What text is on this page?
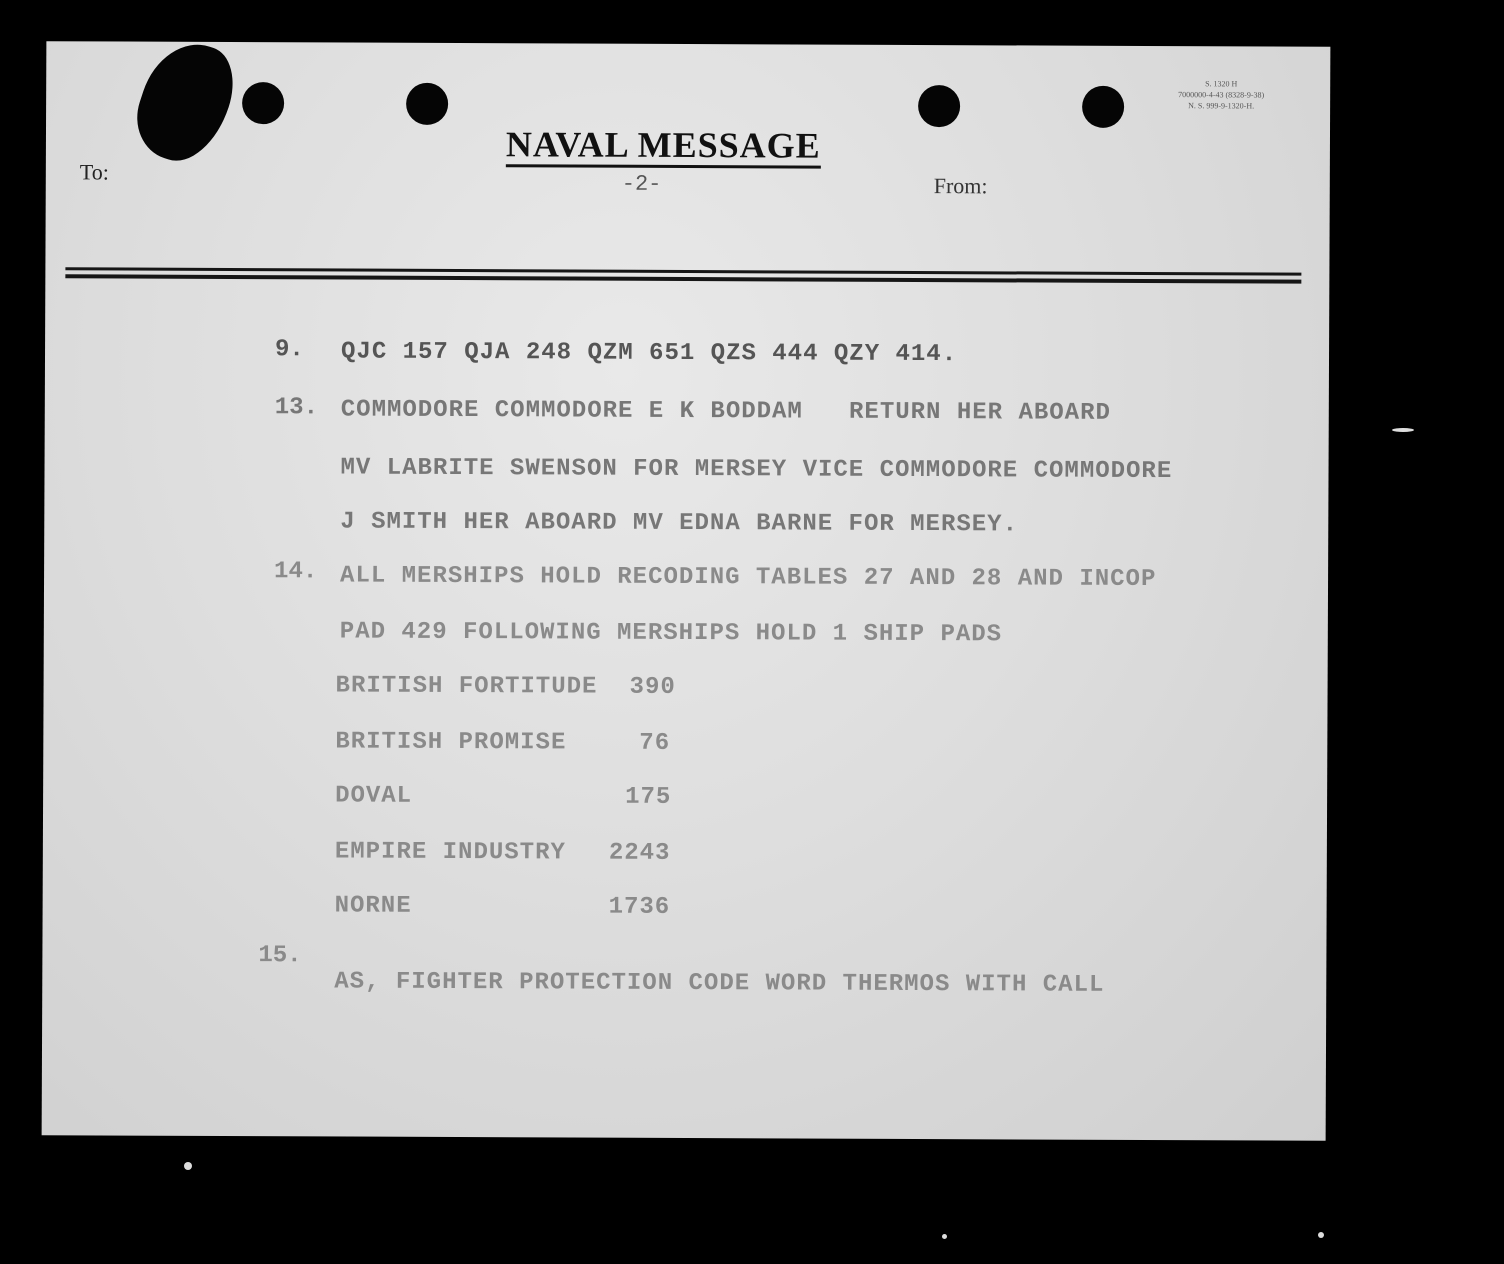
S. 1320 H
7000000-4-43 (8328-9-38)
N. S. 999-9-1320-H.
NAVAL MESSAGE
To:	-2-	From:
9. QJC 157 QJA 248 QZM 651 QZS 444 QZY 414.
13. COMMODORE COMMODORE E K BODDAM   RETURN HER ABOARD
MV LABRITE SWENSON FOR MERSEY VICE COMMODORE COMMODORE
J SMITH HER ABOARD MV EDNA BARNE FOR MERSEY.
14. ALL MERSHIPS HOLD RECODING TABLES 27 AND 28 AND INCOP
PAD 429 FOLLOWING MERSHIPS HOLD 1 SHIP PADS
BRITISH FORTITUDE 390
BRITISH PROMISE	76
DOVAL	175
EMPIRE INDUSTRY 2243
NORNE	1736
15.
AS, FIGHTER PROTECTION CODE WORD THERMOS WITH CALL
